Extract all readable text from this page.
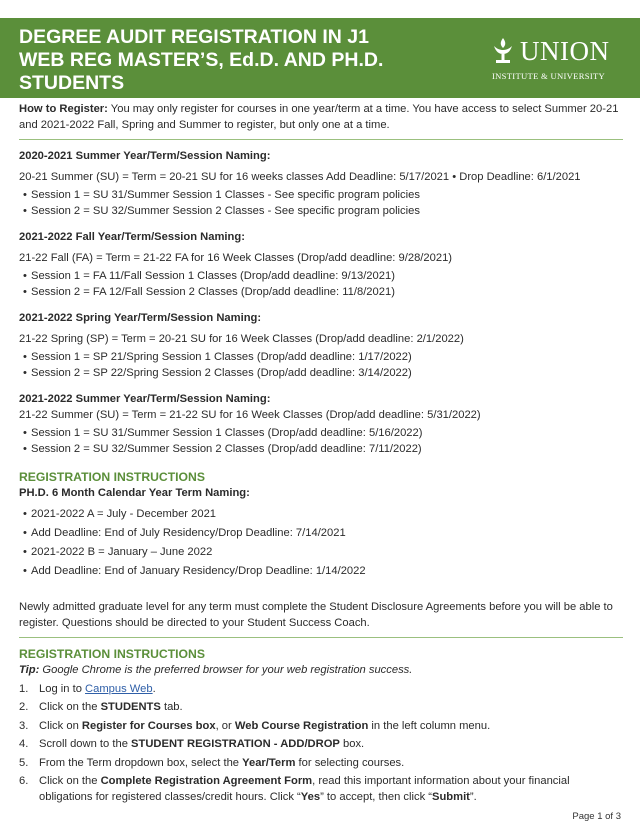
DEGREE AUDIT REGISTRATION IN J1
WEB REG MASTER’S, Ed.D. AND PH.D.
STUDENTS
UNION
INSTITUTE & UNIVERSITY

How to Register: You may only register for courses in one year/term at a time. You have access to select Summer 20-21 and 2021-2022 Fall, Spring and Summer to register, but only one at a time.

2020-2021 Summer Year/Term/Session Naming:

20-21 Summer (SU) = Term = 20-21 SU for 16 weeks classes Add Deadline: 5/17/2021 • Drop Deadline: 6/1/2021

• Session 1 = SU 31/Summer Session 1 Classes - See specific program policies
• Session 2 = SU 32/Summer Session 2 Classes - See specific program policies

2021-2022 Fall Year/Term/Session Naming:

21-22 Fall (FA) = Term = 21-22 FA for 16 Week Classes (Drop/add deadline: 9/28/2021)

• Session 1 = FA 11/Fall Session 1 Classes (Drop/add deadline: 9/13/2021)
• Session 2 = FA 12/Fall Session 2 Classes (Drop/add deadline: 11/8/2021)

2021-2022 Spring Year/Term/Session Naming:

21-22 Spring (SP) = Term = 20-21 SU for 16 Week Classes (Drop/add deadline: 2/1/2022)

• Session 1 = SP 21/Spring Session 1 Classes (Drop/add deadline: 1/17/2022)
• Session 2 = SP 22/Spring Session 2 Classes (Drop/add deadline: 3/14/2022)

2021-2022 Summer Year/Term/Session Naming:

21-22 Summer (SU) = Term = 21-22 SU for 16 Week Classes (Drop/add deadline: 5/31/2022)

• Session 1 = SU 31/Summer Session 1 Classes (Drop/add deadline: 5/16/2022)
• Session 2 = SU 32/Summer Session 2 Classes (Drop/add deadline: 7/11/2022)

REGISTRATION INSTRUCTIONS

PH.D. 6 Month Calendar Year Term Naming:

• 2021-2022 A = July - December 2021
• Add Deadline: End of July Residency/Drop Deadline: 7/14/2021
• 2021-2022 B = January – June 2022
• Add Deadline: End of January Residency/Drop Deadline: 1/14/2022

Newly admitted graduate level for any term must complete the Student Disclosure Agreements before you will be able to register. Questions should be directed to your Student Success Coach.

REGISTRATION INSTRUCTIONS

Tip: Google Chrome is the preferred browser for your web registration success.

1. Log in to Campus Web.
2. Click on the STUDENTS tab.
3. Click on Register for Courses box, or Web Course Registration in the left column menu.
4. Scroll down to the STUDENT REGISTRATION - ADD/DROP box.
5. From the Term dropdown box, select the Year/Term for selecting courses.
6. Click on the Complete Registration Agreement Form, read this important information about your financial obligations for registered classes/credit hours. Click “Yes” to accept, then click “Submit”.
Page 1 of 3
